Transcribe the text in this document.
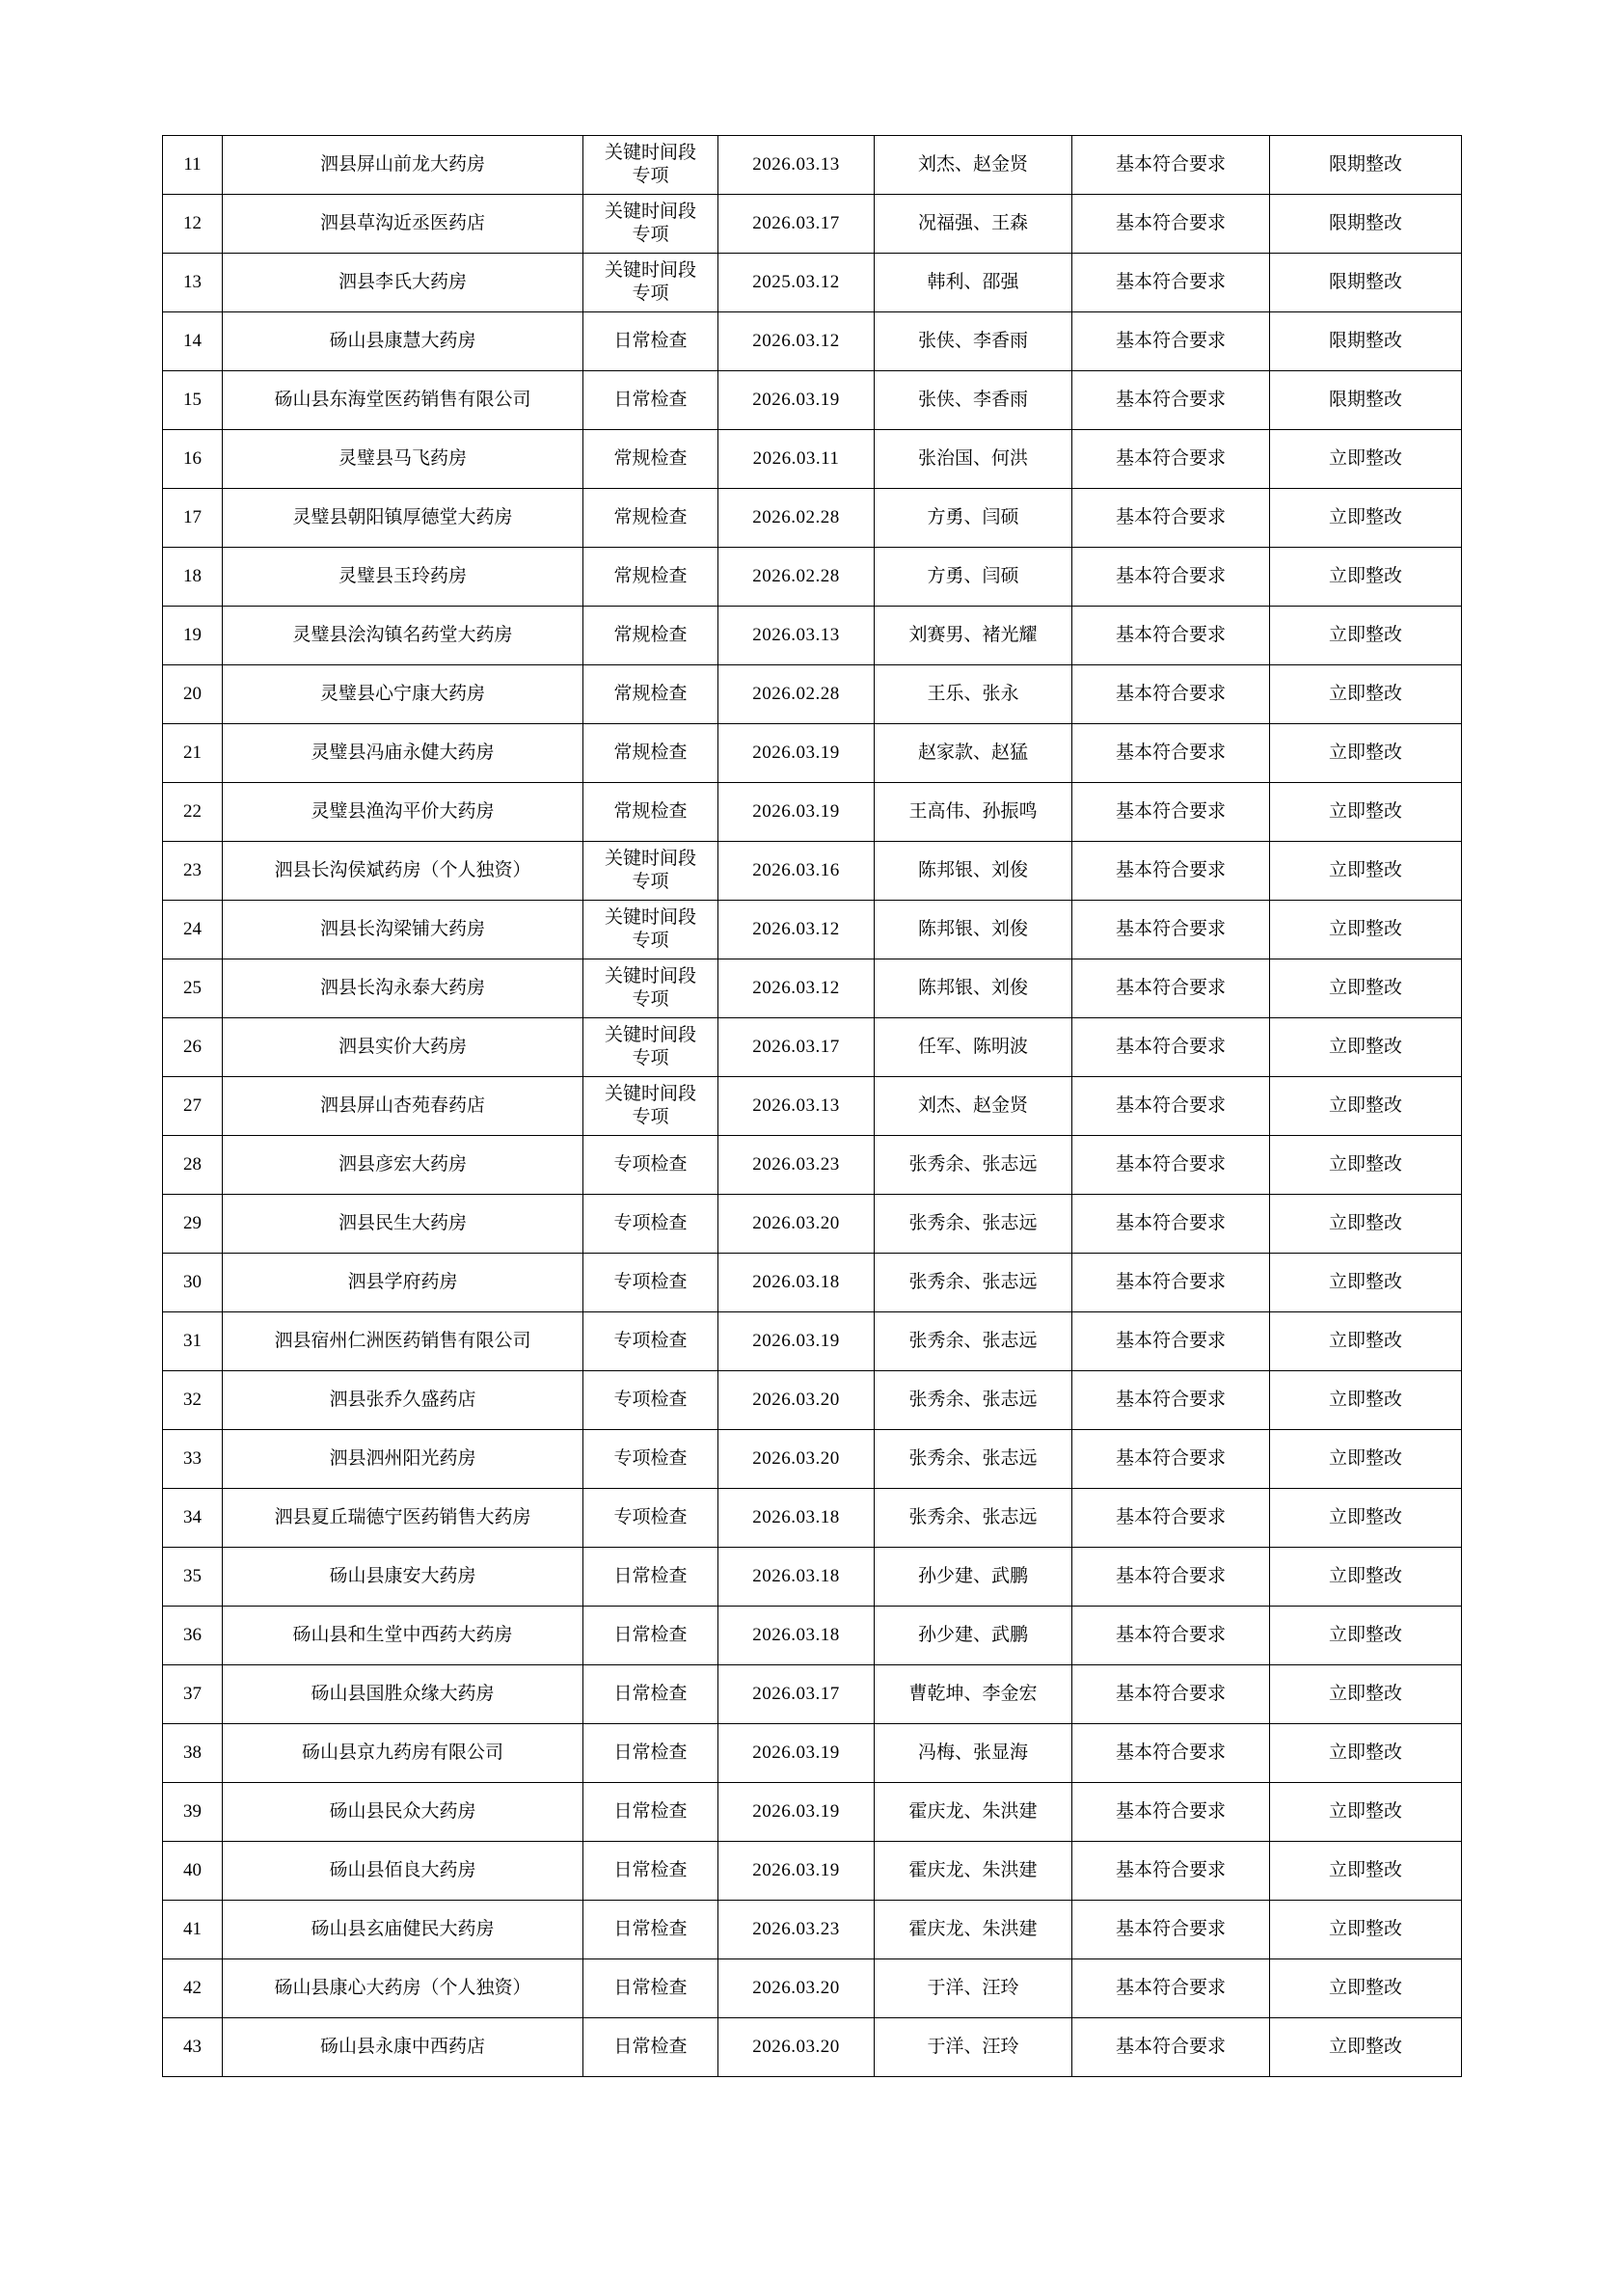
11	泗县屏山前龙大药房	关键时间段
专项	2026.03.13	刘杰、赵金贤	基本符合要求	限期整改
12	泗县草沟近丞医药店	关键时间段
专项	2026.03.17	况福强、王森	基本符合要求	限期整改
13	泗县李氏大药房	关键时间段
专项	2025.03.12	韩利、邵强	基本符合要求	限期整改
14	砀山县康慧大药房	日常检查	2026.03.12	张侠、李香雨	基本符合要求	限期整改
15	砀山县东海堂医药销售有限公司	日常检查	2026.03.19	张侠、李香雨	基本符合要求	限期整改
16	灵璧县马飞药房	常规检查	2026.03.11	张治国、何洪	基本符合要求	立即整改
17	灵璧县朝阳镇厚德堂大药房	常规检查	2026.02.28	方勇、闫硕	基本符合要求	立即整改
18	灵璧县玉玲药房	常规检查	2026.02.28	方勇、闫硕	基本符合要求	立即整改
19	灵璧县浍沟镇名药堂大药房	常规检查	2026.03.13	刘赛男、褚光耀	基本符合要求	立即整改
20	灵璧县心宁康大药房	常规检查	2026.02.28	王乐、张永	基本符合要求	立即整改
21	灵璧县冯庙永健大药房	常规检查	2026.03.19	赵家款、赵猛	基本符合要求	立即整改
22	灵璧县渔沟平价大药房	常规检查	2026.03.19	王高伟、孙振鸣	基本符合要求	立即整改
23	泗县长沟侯斌药房（个人独资）	关键时间段
专项	2026.03.16	陈邦银、刘俊	基本符合要求	立即整改
24	泗县长沟梁铺大药房	关键时间段
专项	2026.03.12	陈邦银、刘俊	基本符合要求	立即整改
25	泗县长沟永泰大药房	关键时间段
专项	2026.03.12	陈邦银、刘俊	基本符合要求	立即整改
26	泗县实价大药房	关键时间段
专项	2026.03.17	任军、陈明波	基本符合要求	立即整改
27	泗县屏山杏苑春药店	关键时间段
专项	2026.03.13	刘杰、赵金贤	基本符合要求	立即整改
28	泗县彦宏大药房	专项检查	2026.03.23	张秀余、张志远	基本符合要求	立即整改
29	泗县民生大药房	专项检查	2026.03.20	张秀余、张志远	基本符合要求	立即整改
30	泗县学府药房	专项检查	2026.03.18	张秀余、张志远	基本符合要求	立即整改
31	泗县宿州仁洲医药销售有限公司	专项检查	2026.03.19	张秀余、张志远	基本符合要求	立即整改
32	泗县张乔久盛药店	专项检查	2026.03.20	张秀余、张志远	基本符合要求	立即整改
33	泗县泗州阳光药房	专项检查	2026.03.20	张秀余、张志远	基本符合要求	立即整改
34	泗县夏丘瑞德宁医药销售大药房	专项检查	2026.03.18	张秀余、张志远	基本符合要求	立即整改
35	砀山县康安大药房	日常检查	2026.03.18	孙少建、武鹏	基本符合要求	立即整改
36	砀山县和生堂中西药大药房	日常检查	2026.03.18	孙少建、武鹏	基本符合要求	立即整改
37	砀山县国胜众缘大药房	日常检查	2026.03.17	曹乾坤、李金宏	基本符合要求	立即整改
38	砀山县京九药房有限公司	日常检查	2026.03.19	冯梅、张显海	基本符合要求	立即整改
39	砀山县民众大药房	日常检查	2026.03.19	霍庆龙、朱洪建	基本符合要求	立即整改
40	砀山县佰良大药房	日常检查	2026.03.19	霍庆龙、朱洪建	基本符合要求	立即整改
41	砀山县玄庙健民大药房	日常检查	2026.03.23	霍庆龙、朱洪建	基本符合要求	立即整改
42	砀山县康心大药房（个人独资）	日常检查	2026.03.20	于洋、汪玲	基本符合要求	立即整改
43	砀山县永康中西药店	日常检查	2026.03.20	于洋、汪玲	基本符合要求	立即整改
